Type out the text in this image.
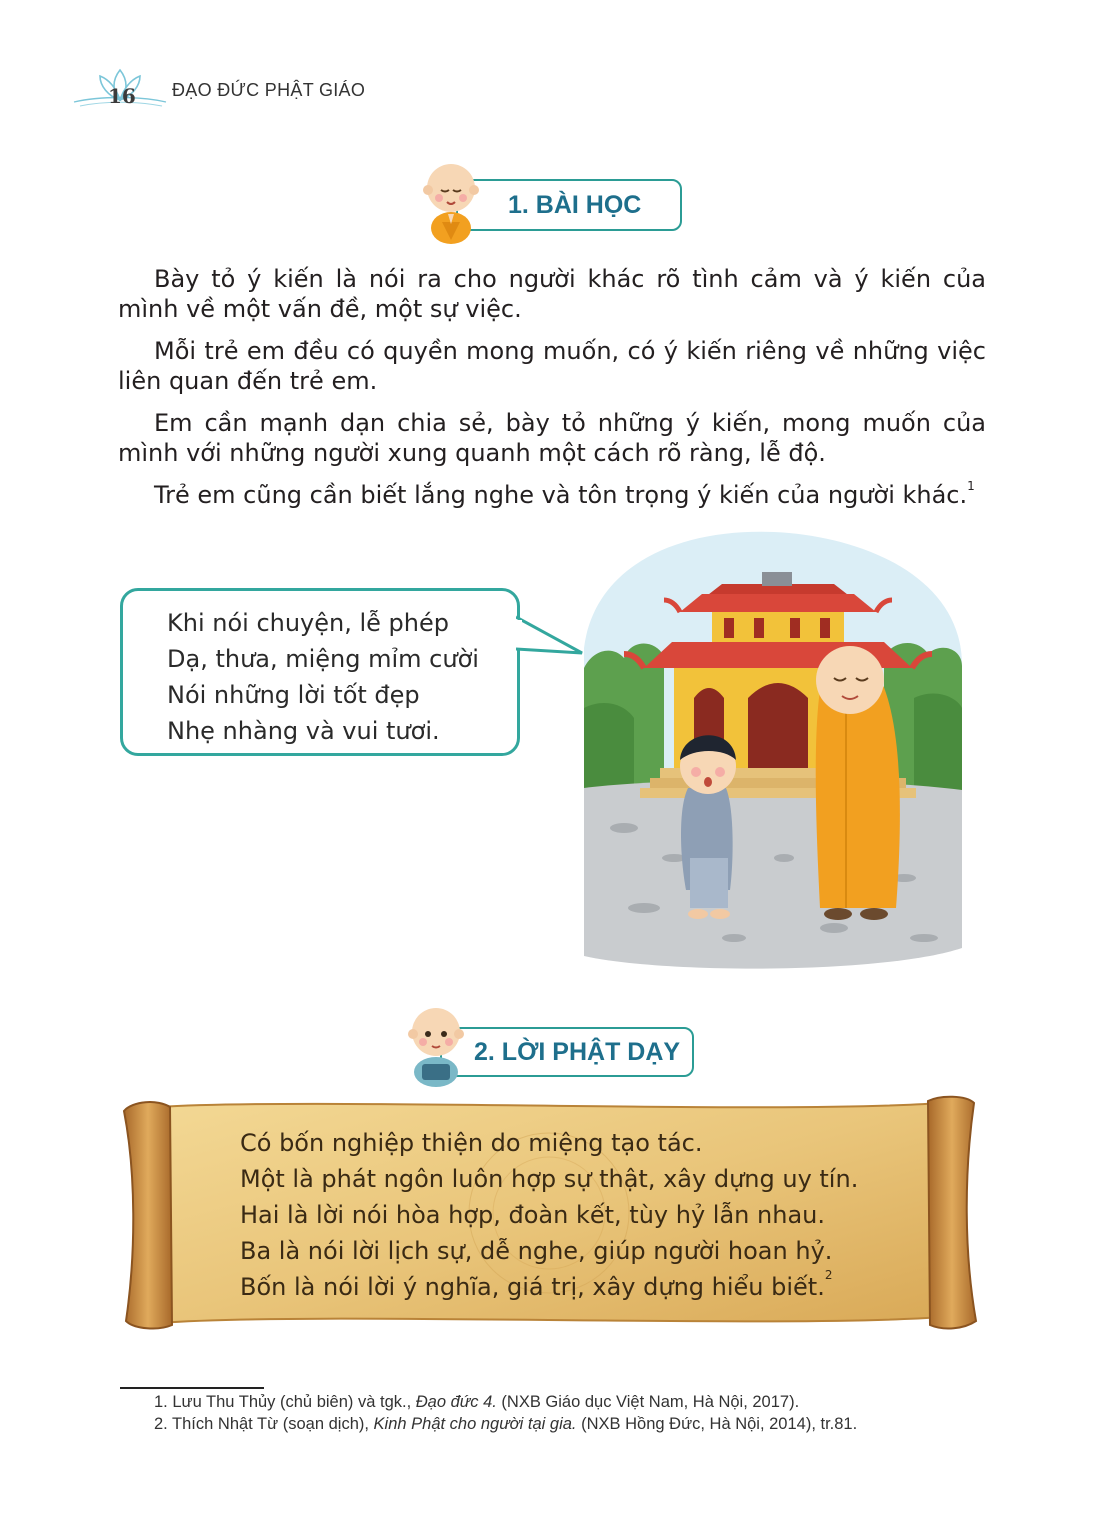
16 ĐẠO ĐỨC PHẬT GIÁO
1. BÀI HỌC
Bày tỏ ý kiến là nói ra cho người khác rõ tình cảm và ý kiến của mình về một vấn đề, một sự việc.
Mỗi trẻ em đều có quyền mong muốn, có ý kiến riêng về những việc liên quan đến trẻ em.
Em cần mạnh dạn chia sẻ, bày tỏ những ý kiến, mong muốn của mình với những người xung quanh một cách rõ ràng, lễ độ.
Trẻ em cũng cần biết lắng nghe và tôn trọng ý kiến của người khác.$^1$
Khi nói chuyện, lễ phép
Dạ, thưa, miệng mỉm cười
Nói những lời tốt đẹp
Nhẹ nhàng và vui tươi.
2. LỜI PHẬT DẠY
Có bốn nghiệp thiện do miệng tạo tác.
Một là phát ngôn luôn hợp sự thật, xây dựng uy tín.
Hai là lời nói hòa hợp, đoàn kết, tùy hỷ lẫn nhau.
Ba là nói lời lịch sự, dễ nghe, giúp người hoan hỷ.
Bốn là nói lời ý nghĩa, giá trị, xây dựng hiểu biết.$^2$
1. Lưu Thu Thủy (chủ biên) và tgk., Đạo đức 4. (NXB Giáo dục Việt Nam, Hà Nội, 2017).
2. Thích Nhật Từ (soạn dịch), Kinh Phật cho người tại gia. (NXB Hồng Đức, Hà Nội, 2014), tr.81.
